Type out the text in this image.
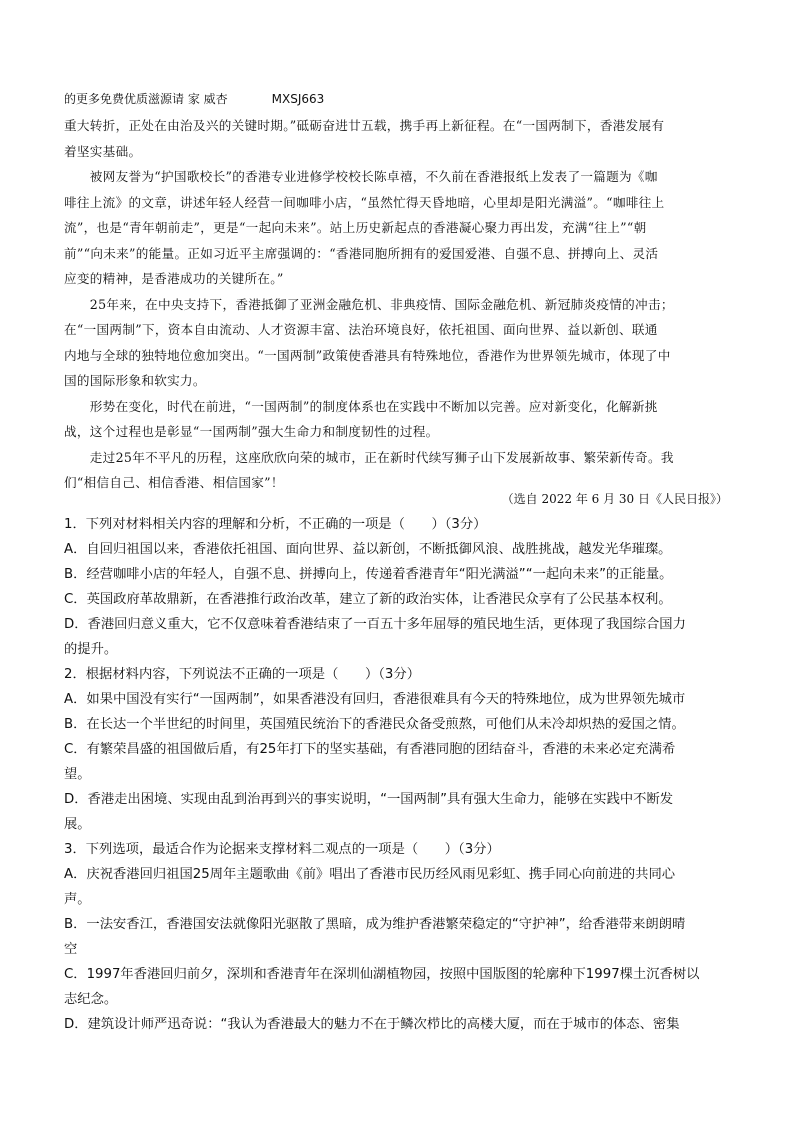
的更多免费优质滋源请 家 威杏	MXSJ663

重大转折，正处在由治及兴的关键时期。”砥砺奋进廿五载，携手再上新征程。在“一国两制下，香港发展有

着坚实基础。

　　被网友誉为“护国歌校长”的香港专业进修学校校长陈卓禧，不久前在香港报纸上发表了一篇题为《咖

啡往上流》的文章，讲述年轻人经营一间咖啡小店，“虽然忙得天昏地暗，心里却是阳光满溢”。“咖啡往上

流”，也是“青年朝前走”，更是“一起向未来”。站上历史新起点的香港凝心聚力再出发，充满“往上”“朝

前”“向未来”的能量。正如习近平主席强调的：“香港同胞所拥有的爱国爱港、自强不息、拼搏向上、灵活

应变的精神，是香港成功的关键所在。”

　　25年来，在中央支持下，香港抵御了亚洲金融危机、非典疫情、国际金融危机、新冠肺炎疫情的冲击；

在“一国两制”下，资本自由流动、人才资源丰富、法治环境良好，依托祖国、面向世界、益以新创、联通

内地与全球的独特地位愈加突出。“一国两制”政策使香港具有特殊地位，香港作为世界领先城市，体现了中

国的国际形象和软实力。

　　形势在变化，时代在前进，“一国两制”的制度体系也在实践中不断加以完善。应对新变化，化解新挑

战，这个过程也是彰显“一国两制”强大生命力和制度韧性的过程。

　　走过25年不平凡的历程，这座欣欣向荣的城市，正在新时代续写狮子山下发展新故事、繁荣新传奇。我

们“相信自己、相信香港、相信国家”！

（选自 2022 年 6 月 30 日《人民日报》）

1．下列对材料相关内容的理解和分析，不正确的一项是（　　）（3分）

A．自回归祖国以来，香港依托祖国、面向世界、益以新创，不断抵御风浪、战胜挑战，越发光华璀璨。

B．经营咖啡小店的年轻人，自强不息、拼搏向上，传递着香港青年“阳光满溢”“一起向未来”的正能量。

C．英国政府革故鼎新，在香港推行政治改革，建立了新的政治实体，让香港民众享有了公民基本权利。

D．香港回归意义重大，它不仅意味着香港结束了一百五十多年屈辱的殖民地生活，更体现了我国综合国力

的提升。

2．根据材料内容，下列说法不正确的一项是（　　）（3分）

A．如果中国没有实行“一国两制”，如果香港没有回归，香港很难具有今天的特殊地位，成为世界领先城市

B．在长达一个半世纪的时间里，英国殖民统治下的香港民众备受煎熬，可他们从未冷却炽热的爱国之情。

C．有繁荣昌盛的祖国做后盾，有25年打下的坚实基础，有香港同胞的团结奋斗，香港的未来必定充满希

望。

D．香港走出困境、实现由乱到治再到兴的事实说明，“一国两制”具有强大生命力，能够在实践中不断发

展。

3．下列选项，最适合作为论据来支撑材料二观点的一项是（　　）（3分）

A．庆祝香港回归祖国25周年主题歌曲《前》唱出了香港市民历经风雨见彩虹、携手同心向前进的共同心

声。

B．一法安香江，香港国安法就像阳光驱散了黑暗，成为维护香港繁荣稳定的“守护神”，给香港带来朗朗晴

空

C．1997年香港回归前夕，深圳和香港青年在深圳仙湖植物园，按照中国版图的轮廓种下1997棵土沉香树以

志纪念。

D．建筑设计师严迅奇说：“我认为香港最大的魅力不在于鳞次栉比的高楼大厦，而在于城市的体态、密集
